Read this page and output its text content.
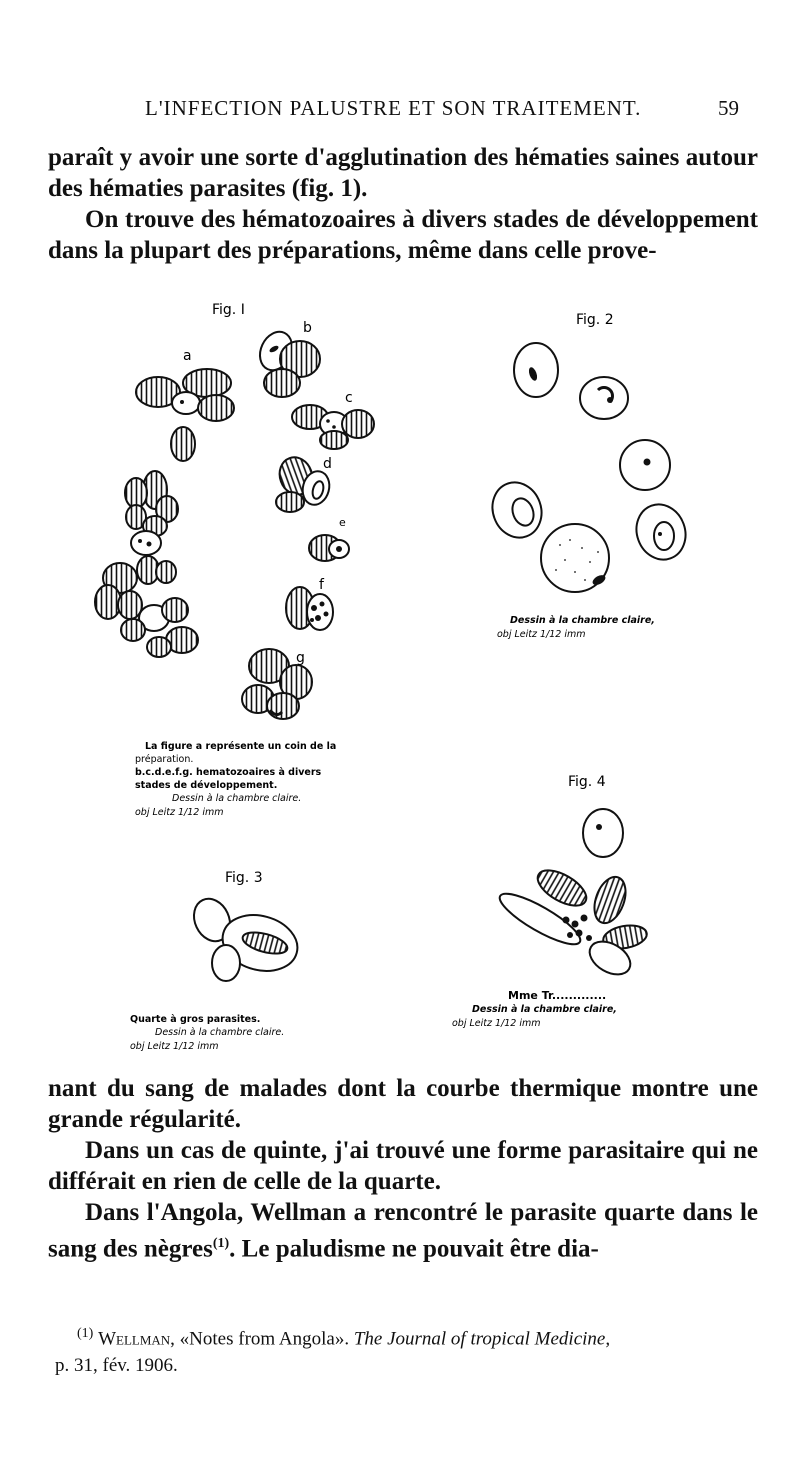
L'INFECTION PALUSTRE ET SON TRAITEMENT.	59

paraît y avoir une sorte d'agglutination des hématies saines autour des hématies parasites (fig. 1).

On trouve des hématozoaires à divers stades de développement dans la plupart des préparations, même dans celle prove-

Fig. I
a
b
c
d
e
f
g
La figure a représente un coin de la
préparation.
b.c.d.e.f.g. hematozoaires à divers
stades de développement.
Dessin à la chambre claire.
obj Leitz 1/12 imm
Fig. 2
Dessin à la chambre claire,
obj Leitz 1/12 imm
Fig. 4
Mme Tr.............
Dessin à la chambre claire,
obj Leitz 1/12 imm
Fig. 3
Quarte à gros parasites.
Dessin à la chambre claire.
obj Leitz 1/12 imm

nant du sang de malades dont la courbe thermique montre une grande régularité.

Dans un cas de quinte, j'ai trouvé une forme parasitaire qui ne différait en rien de celle de la quarte.

Dans l'Angola, Wellman a rencontré le parasite quarte dans le sang des nègres$^{(1)}$. Le paludisme ne pouvait être dia-

$^{(1)}$ Wellman, «Notes from Angola». The Journal of tropical Medicine,
p. 31, fév. 1906.
